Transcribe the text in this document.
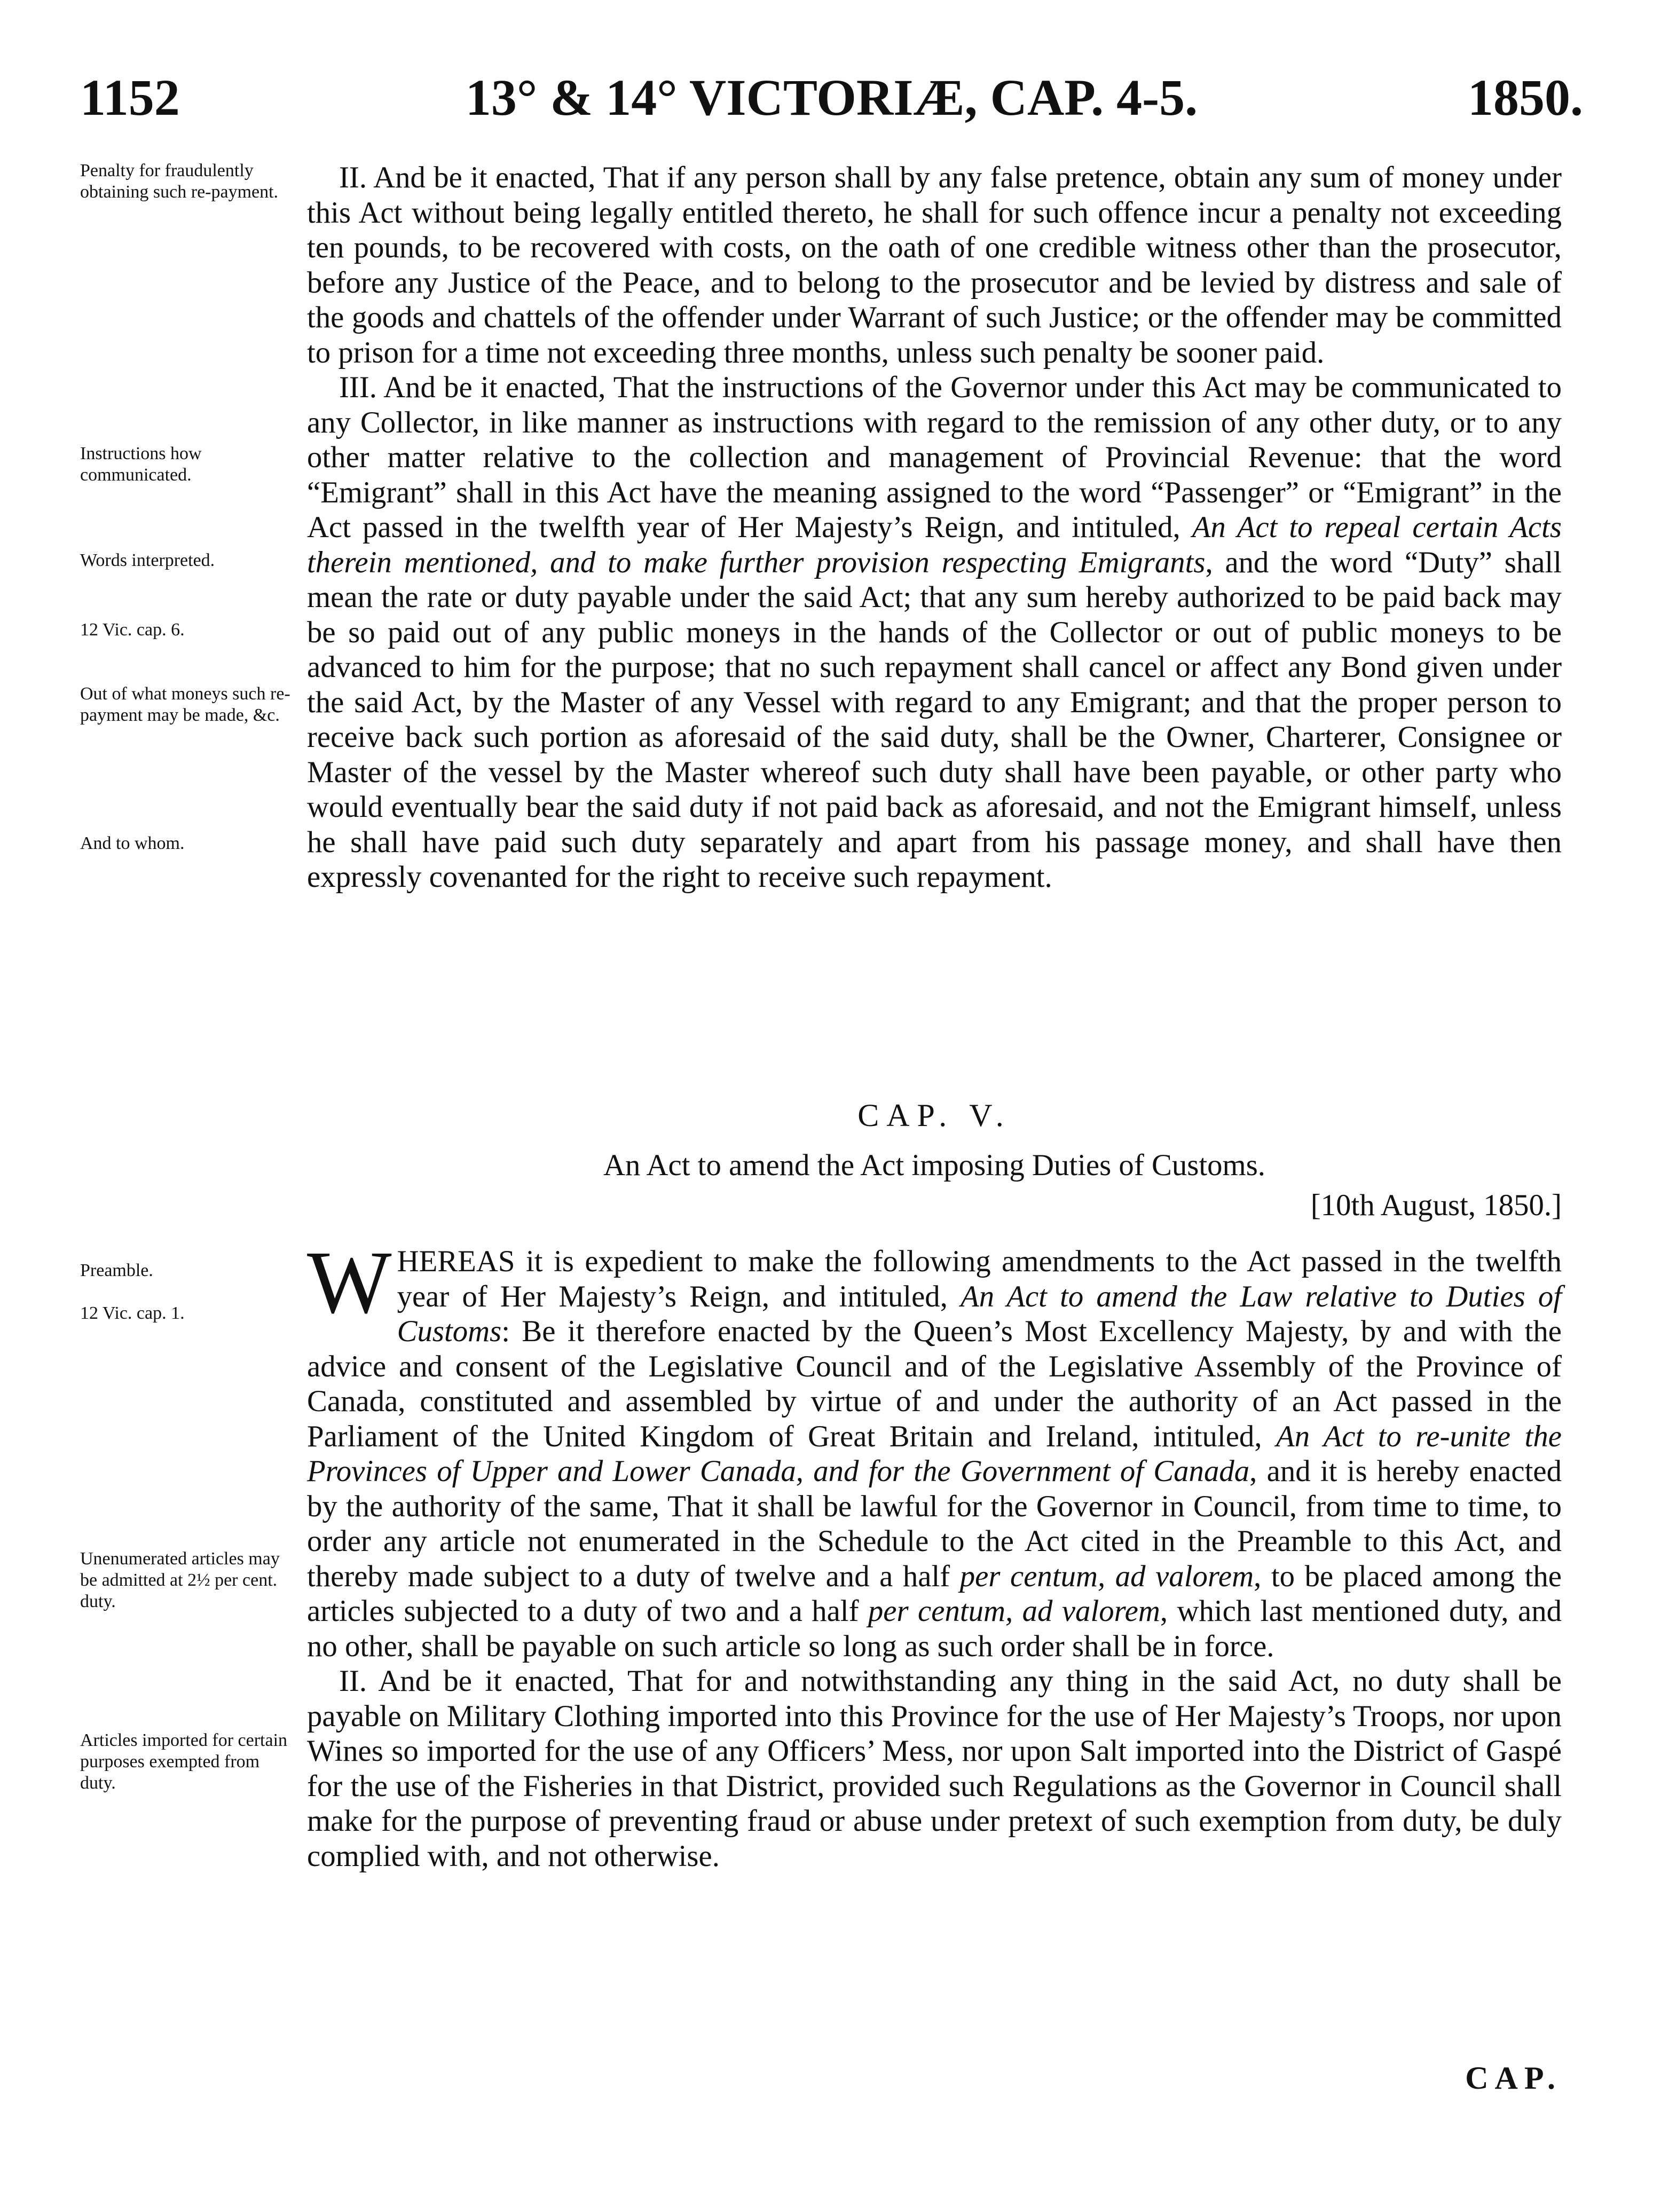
1152	13° & 14° VICTORIÆ, CAP. 4-5.	1850.
Penalty for fraudulently obtaining such re-payment.
Instructions how communicated.
Words interpreted.
12 Vic. cap. 6.
Out of what moneys such re-payment may be made, &c.
And to whom.
Preamble.
12 Vic. cap. 1.
Unenumerated articles may be admitted at 2½ per cent. duty.
Articles imported for certain purposes exempted from duty.

II. And be it enacted, That if any person shall by any false pretence, obtain any sum of money under this Act without being legally entitled thereto, he shall for such offence incur a penalty not exceeding ten pounds, to be recovered with costs, on the oath of one credible witness other than the prosecutor, before any Justice of the Peace, and to belong to the prosecutor and be levied by distress and sale of the goods and chattels of the offender under Warrant of such Justice; or the offender may be committed to prison for a time not exceeding three months, unless such penalty be sooner paid.

III. And be it enacted, That the instructions of the Governor under this Act may be communicated to any Collector, in like manner as instructions with regard to the remission of any other duty, or to any other matter relative to the collection and management of Provincial Revenue: that the word “Emigrant” shall in this Act have the meaning assigned to the word “Passenger” or “Emigrant” in the Act passed in the twelfth year of Her Majesty’s Reign, and intituled, An Act to repeal certain Acts therein mentioned, and to make further provision respecting Emigrants, and the word “Duty” shall mean the rate or duty payable under the said Act; that any sum hereby authorized to be paid back may be so paid out of any public moneys in the hands of the Collector or out of public moneys to be advanced to him for the purpose; that no such repayment shall cancel or affect any Bond given under the said Act, by the Master of any Vessel with regard to any Emigrant; and that the proper person to receive back such portion as aforesaid of the said duty, shall be the Owner, Charterer, Consignee or Master of the vessel by the Master whereof such duty shall have been payable, or other party who would eventually bear the said duty if not paid back as aforesaid, and not the Emigrant himself, unless he shall have paid such duty separately and apart from his passage money, and shall have then expressly covenanted for the right to receive such repayment.

CAP. V.
An Act to amend the Act imposing Duties of Customs.
[10th August, 1850.]

WHEREAS it is expedient to make the following amendments to the Act passed in the twelfth year of Her Majesty’s Reign, and intituled, An Act to amend the Law relative to Duties of Customs: Be it therefore enacted by the Queen’s Most Excellency Majesty, by and with the advice and consent of the Legislative Council and of the Legislative Assembly of the Province of Canada, constituted and assembled by virtue of and under the authority of an Act passed in the Parliament of the United Kingdom of Great Britain and Ireland, intituled, An Act to re-unite the Provinces of Upper and Lower Canada, and for the Government of Canada, and it is hereby enacted by the authority of the same, That it shall be lawful for the Governor in Council, from time to time, to order any article not enumerated in the Schedule to the Act cited in the Preamble to this Act, and thereby made subject to a duty of twelve and a half per centum, ad valorem, to be placed among the articles subjected to a duty of two and a half per centum, ad valorem, which last mentioned duty, and no other, shall be payable on such article so long as such order shall be in force.

II. And be it enacted, That for and notwithstanding any thing in the said Act, no duty shall be payable on Military Clothing imported into this Province for the use of Her Majesty’s Troops, nor upon Wines so imported for the use of any Officers’ Mess, nor upon Salt imported into the District of Gaspé for the use of the Fisheries in that District, provided such Regulations as the Governor in Council shall make for the purpose of preventing fraud or abuse under pretext of such exemption from duty, be duly complied with, and not otherwise.

CAP.
